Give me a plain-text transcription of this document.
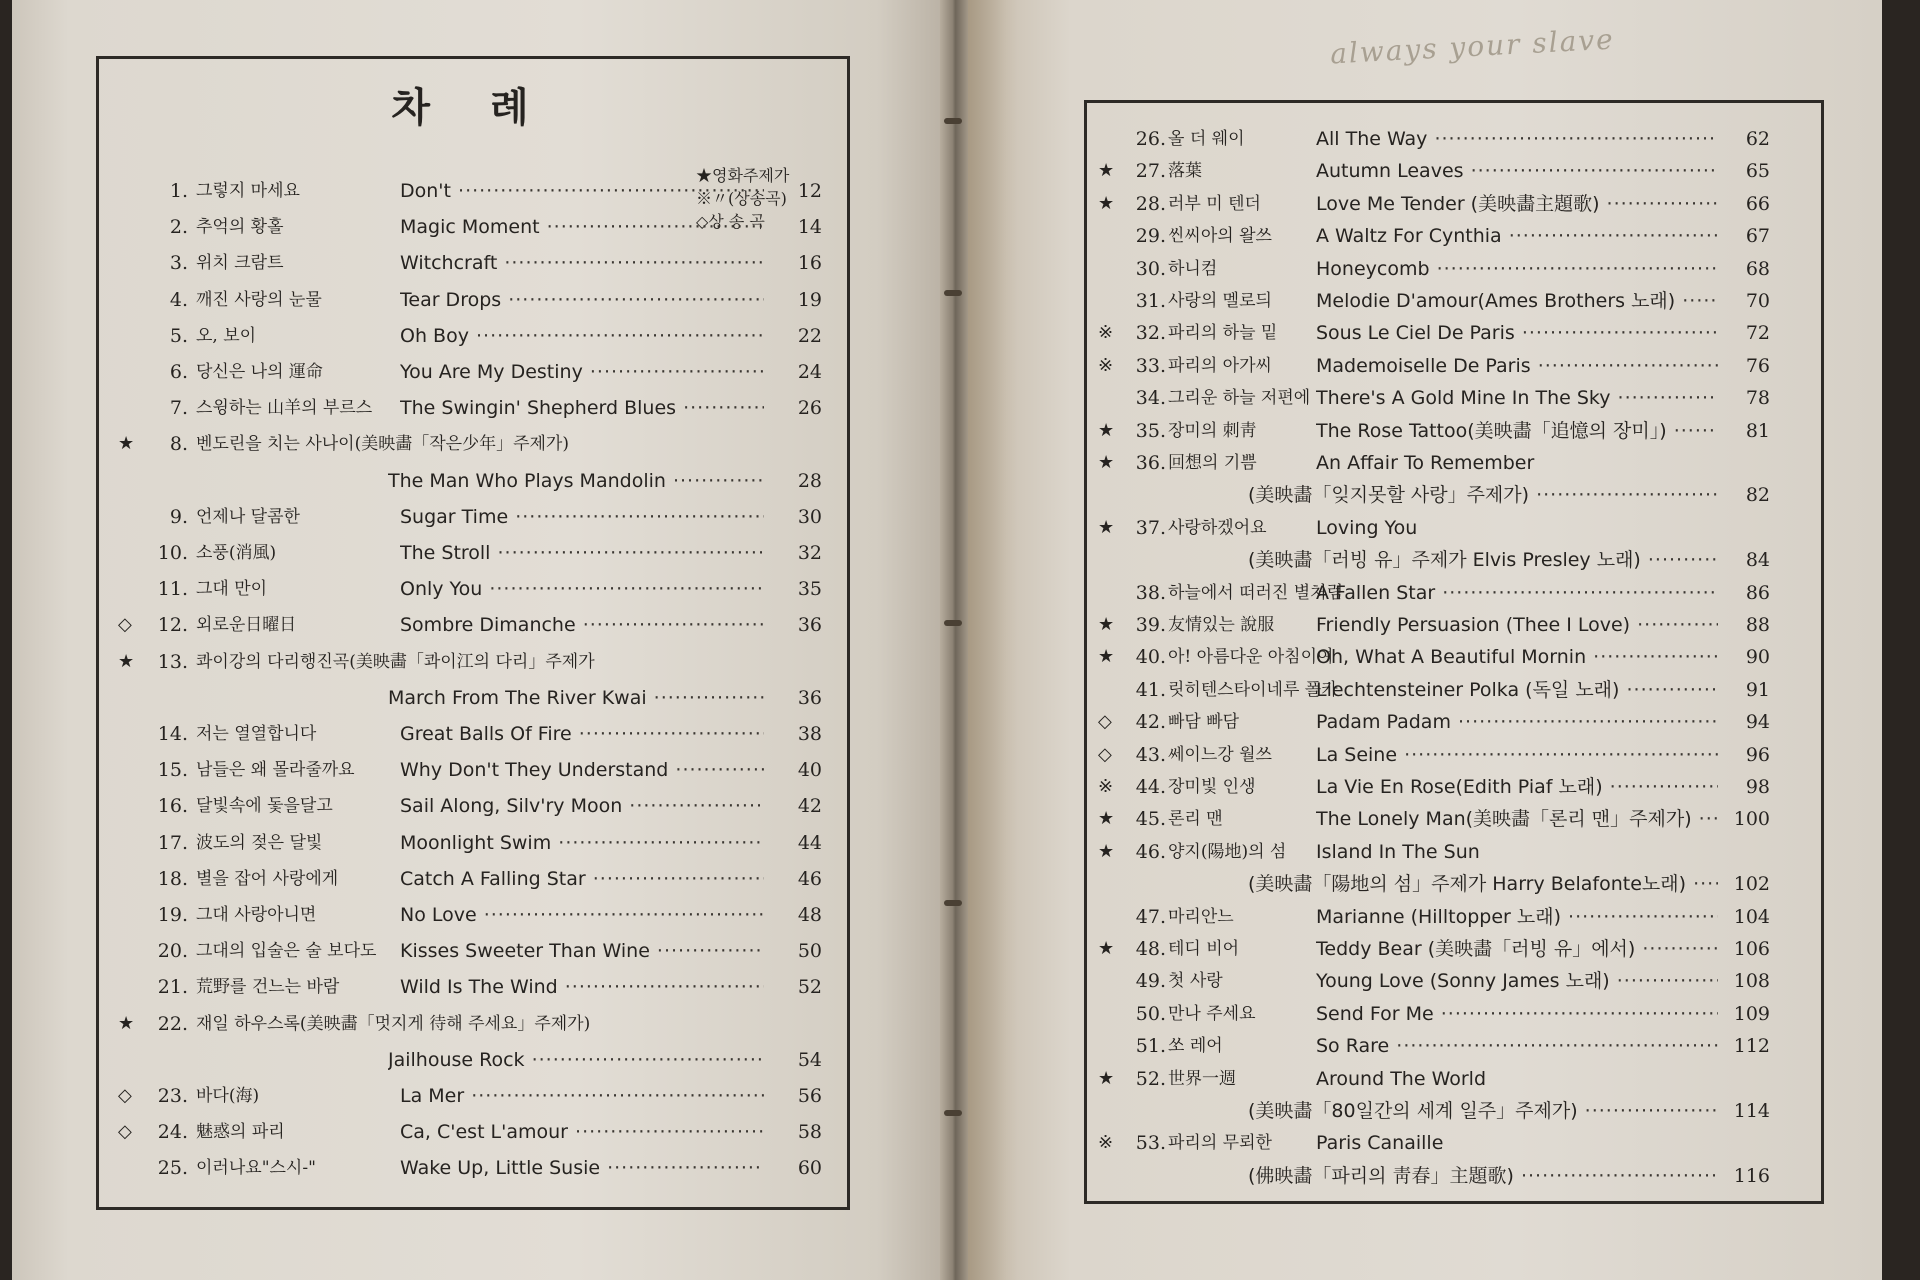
always your slave
차례
★영화주제가
※〃(상송곡)
◇상 송 곡
1. 그렇지 마세요	Don't ·····	12
2. 추억의 황홀	Magic Moment ·····	14
3. 위치 크람트	Witchcraft ·····	16
4. 깨진 사랑의 눈물	Tear Drops ·····	19
5. 오, 보이	Oh Boy ·····	22
6. 당신은 나의 運命	You Are My Destiny ·····	24
7. 스윙하는 山羊의 부르스	The Swingin' Shepherd Blues ·····	26
★	8. 벤도린을 치는 사나이(美映畵「작은少年」주제가)
The Man Who Plays Mandolin ·····	28
9. 언제나 달콤한	Sugar Time ·····	30
10. 소풍(消風)	The Stroll ·····	32
11. 그대 만이	Only You ·····	35
◇	12. 외로운日曜日	Sombre Dimanche ·····	36
★	13. 콰이강의 다리행진곡(美映畵「콰이江의 다리」주제가
March From The River Kwai ·····	36
14. 저는 열열합니다	Great Balls Of Fire ·····	38
15. 남들은 왜 몰라줄까요	Why Don't They Understand ·····	40
16. 달빛속에 돛을달고	Sail Along, Silv'ry Moon ·····	42
17. 波도의 젖은 달빛	Moonlight Swim ·····	44
18. 별을 잡어 사랑에게	Catch A Falling Star ·····	46
19. 그대 사랑아니면	No Love ·····	48
20. 그대의 입술은 술 보다도	Kisses Sweeter Than Wine ·····	50
21. 荒野를 건느는 바람	Wild Is The Wind ·····	52
★	22. 재일 하우스록(美映畵「멋지게 待해 주세요」주제가)
Jailhouse Rock ·····	54
◇	23. 바다(海)	La Mer ·····	56
◇	24. 魅惑의 파리	Ca, C'est L'amour ·····	58
25. 이러나요"스시-"	Wake Up, Little Susie ·····	60
26. 올 더 웨이	All The Way ·····	62
★	27. 落葉	Autumn Leaves ·····	65
★	28. 러부 미 텐더	Love Me Tender (美映畵主題歌) ·····	66
29. 씬씨아의 왈쓰	A Waltz For Cynthia ·····	67
30. 하니컴	Honeycomb ·····	68
31. 사랑의 멜로듸	Melodie D'amour(Ames Brothers 노래) ·····	70
※	32. 파리의 하늘 밑	Sous Le Ciel De Paris ·····	72
※	33. 파리의 아가씨	Mademoiselle De Paris ·····	76
34. 그리운 하늘 저편에 There's A Gold Mine In The Sky ·····	78
★	35. 장미의 刺靑	The Rose Tattoo(美映畵「追憶의 장미」) ·····	81
★	36. 回想의 기쁨	An Affair To Remember
(美映畵「잊지못할 사랑」주제가) ·····	82
★	37. 사랑하겠어요	Loving You
(美映畵「러빙 유」주제가 Elvis Presley 노래) ·····	84
38. 하늘에서 떠러진 별처럼
A Fallen Star ·····	86
★	39. 友情있는 說服	Friendly Persuasion (Thee I Love) ·····	88
★	40. 아! 아름다운 아침이여
Oh, What A Beautiful Mornin ·····	90
41. 릿히텐스타이네루 폴카
Liechtensteiner Polka (독일 노래) ·····	91
◇	42. 빠담 빠담	Padam Padam ·····	94
◇	43. 쎄이느강 월쓰	La Seine ·····	96
※	44. 장미빛 인생	La Vie En Rose(Edith Piaf 노래) ·····	98
★	45. 론리 맨	The Lonely Man(美映畵「론리 맨」주제가) ·····	100
★	46. 양지(陽地)의 섬	Island In The Sun
(美映畵「陽地의 섬」주제가 Harry Belafonte노래) ·····	102
47. 마리안느	Marianne (Hilltopper 노래) ·····	104
★	48. 테디 비어	Teddy Bear (美映畵「러빙 유」에서) ·····	106
49. 첫 사랑	Young Love (Sonny James 노래) ·····	108
50. 만나 주세요	Send For Me ·····	109
51. 쏘 레어	So Rare ·····	112
★	52. 世界一週	Around The World
(美映畵「80일간의 세계 일주」주제가) ·····	114
※	53. 파리의 무뢰한	Paris Canaille
(佛映畵「파리의 靑春」主題歌) ·····	116
